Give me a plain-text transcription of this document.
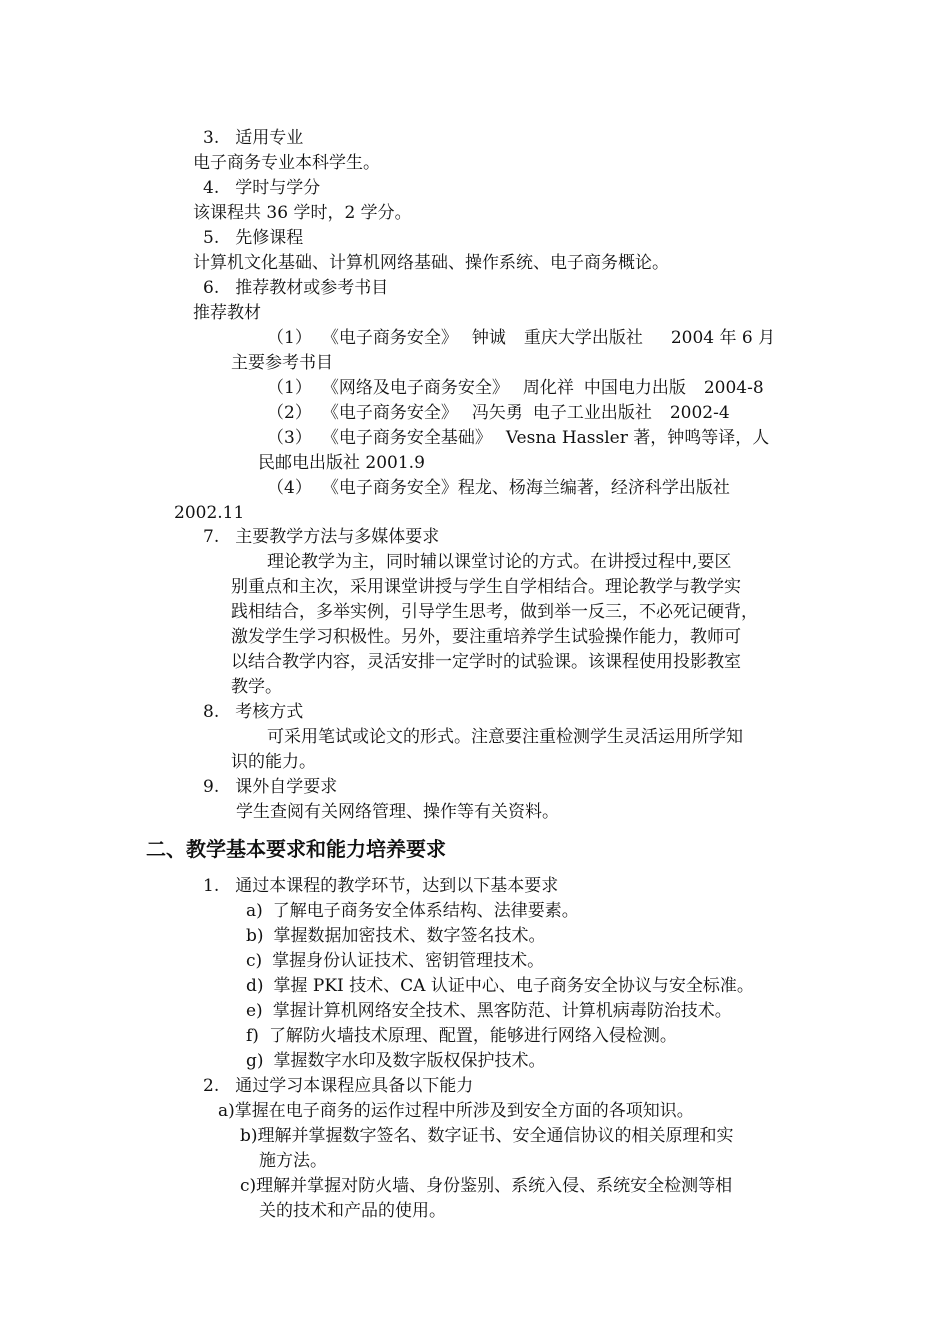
3. 适用专业
电子商务专业本科学生。
4. 学时与学分
该课程共 36 学时，2 学分。
5. 先修课程
计算机文化基础、计算机网络基础、操作系统、电子商务概论。
6. 推荐教材或参考书目
推荐教材
（1） 《电子商务安全》 钟诚 重庆大学出版社 2004 年 6 月
主要参考书目
（1） 《网络及电子商务安全》 周化祥 中国电力出版 2004-8
（2） 《电子商务安全》 冯矢勇 电子工业出版社 2002-4
（3） 《电子商务安全基础》 Vesna Hassler 著，钟鸣等译，人
民邮电出版社 2001.9
（4） 《电子商务安全》程龙、杨海兰编著，经济科学出版社
2002.11
7. 主要教学方法与多媒体要求
理论教学为主，同时辅以课堂讨论的方式。在讲授过程中,要区
别重点和主次，采用课堂讲授与学生自学相结合。理论教学与教学实
践相结合，多举实例，引导学生思考，做到举一反三，不必死记硬背，
激发学生学习积极性。另外，要注重培养学生试验操作能力，教师可
以结合教学内容，灵活安排一定学时的试验课。该课程使用投影教室
教学。
8. 考核方式
可采用笔试或论文的形式。注意要注重检测学生灵活运用所学知
识的能力。
9. 课外自学要求
学生查阅有关网络管理、操作等有关资料。
二、教学基本要求和能力培养要求
1. 通过本课程的教学环节，达到以下基本要求
a) 了解电子商务安全体系结构、法律要素。
b) 掌握数据加密技术、数字签名技术。
c) 掌握身份认证技术、密钥管理技术。
d) 掌握 PKI 技术、CA 认证中心、电子商务安全协议与安全标准。
e) 掌握计算机网络安全技术、黑客防范、计算机病毒防治技术。
f) 了解防火墙技术原理、配置，能够进行网络入侵检测。
g) 掌握数字水印及数字版权保护技术。
2. 通过学习本课程应具备以下能力
a)掌握在电子商务的运作过程中所涉及到安全方面的各项知识。
b)理解并掌握数字签名、数字证书、安全通信协议的相关原理和实
施方法。
c)理解并掌握对防火墙、身份鉴别、系统入侵、系统安全检测等相
关的技术和产品的使用。
